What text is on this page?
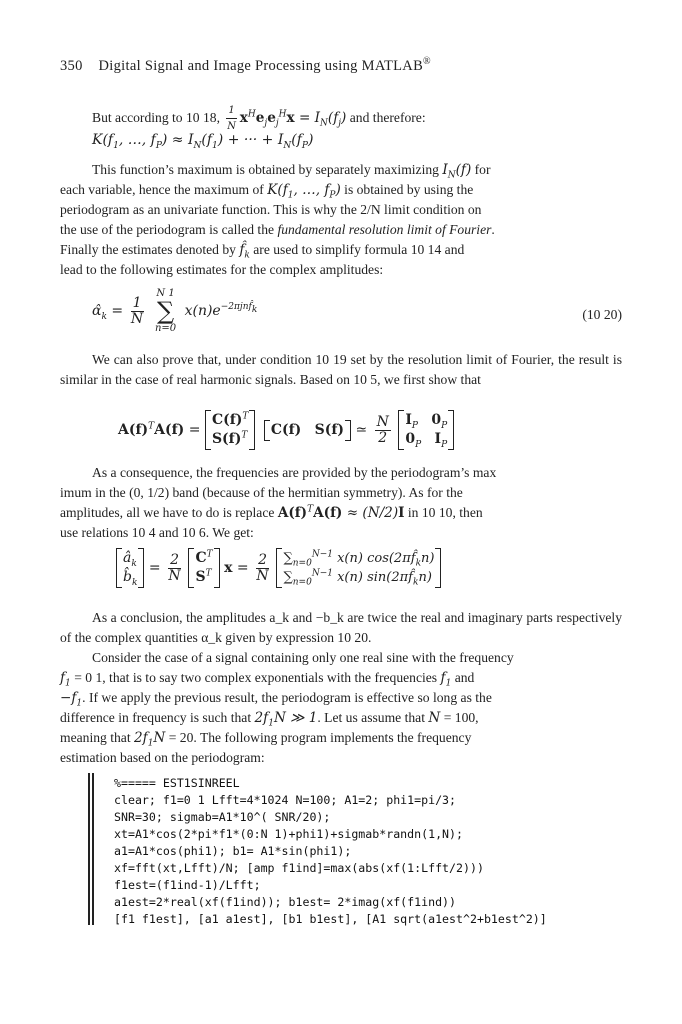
350 Digital Signal and Image Processing using MATLAB®
But according to 10 18, $\frac{1}{N} x^He_je_j^Hx = I_N(f_j)$ and therefore:
$K(f_1$, …, $f_P) \approx I_N(f_1)$ + ··· + $I_N(f_P)$
This function’s maximum is obtained by separately maximizing $I_N(f)$ for
each variable, hence the maximum of $K(f_1$, …, $f_P$) is obtained by using the
periodogram as an univariate function. This is why the 2/N limit condition on
the use of the periodogram is called the fundamental resolution limit of Fourier.
Finally the estimates denoted by $f̂_k$ are used to simplify formula 10 14 and
lead to the following estimates for the complex amplitudes:
$\alphâ_k = \frac{1}{N}$
N 1
∑
n=0 $x(n)e^{-2\pi jnf̂_k}$	(10 20)
We can also prove that, under condition 10 19 set by the resolution limit of Fourier, the result is similar in the case of real harmonic signals. Based on 10 5, we first show that
$A(f)^TA(f)$ =
$C(f)^T$
$S(f)^T$
C(f) S(f) ≃ $\frac{N}{2}$
$I_P$ $0_P$
$0_P$ $I_P$
As a consequence, the frequencies are provided by the periodogram’s max
imum in the (0, 1/2) band (because of the hermitian symmetry). As for the
amplitudes, all we have to do is replace $A(f)^TA(f) \approx (N/2)I$ in 10 10, then
use relations 10 4 and 10 6. We get:
$â_k$
$b̂_k$
= $\frac{2}{N}$
$C^T$
$S^T$ $x = \frac{2}{N}$
$\sum_{n=0}^{N-1}$ x(n) $\cos(2\pi f̂_kn)$
$\sum_{n=0}^{N-1}$ x(n) $\sin(2\pi f̂_kn)$
As a conclusion, the amplitudes a_k and −b_k are twice the real and imaginary parts respectively of the complex quantities α_k given by expression 10 20.
Consider the case of a signal containing only one real sine with the frequency
$f_1 = 0$ 1, that is to say two complex exponentials with the frequencies $f_1$ and
$-f_1$. If we apply the previous result, the periodogram is effective so long as the
difference in frequency is such that $2f_1N$ ≫ 1. Let us assume that N = 100,
meaning that $2f_1N = 20$. The following program implements the frequency
estimation based on the periodogram:
%===== EST1SINREEL
clear; f1=0 1 Lfft=4*1024 N=100; A1=2; phi1=pi/3;
SNR=30; sigmab=A1*10^( SNR/20);
xt=A1*cos(2*pi*f1*(0:N 1)+phi1)+sigmab*randn(1,N);
a1=A1*cos(phi1); b1= A1*sin(phi1);
xf=fft(xt,Lfft)/N; [amp f1ind]=max(abs(xf(1:Lfft/2)))
f1est=(f1ind-1)/Lfft;
a1est=2*real(xf(f1ind)); b1est= 2*imag(xf(f1ind))
[f1 f1est], [a1 a1est], [b1 b1est], [A1 sqrt(a1est^2+b1est^2)]
